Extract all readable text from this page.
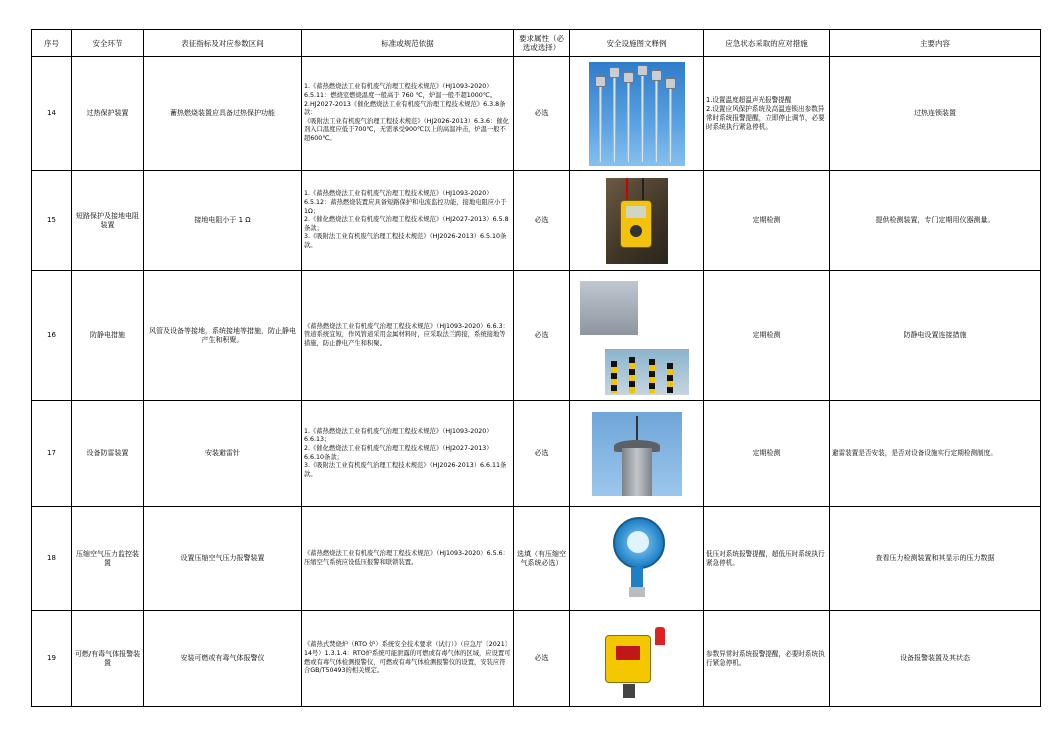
序号	安全环节	表征指标及对应参数区间	标准或规范依据	要求属性（必选或选择）	安全设施图文释例	应急状态采取的应对措施	主要内容
14	过热保护装置	蓄热燃烧装置应具备过热保护功能	1.《蓄热燃烧法工业有机废气治理工程技术规范》（HJ1093-2020）6.5.11：燃烧室燃烧温度一般高于 760 ℃，炉温一般不超1000℃。
2.HJ2027-2013《催化燃烧法工业有机废气治理工程技术规范》6.3.8条款：
《吸附法工业有机废气治理工程技术规范》（HJ2026-2013）6.3.6：催化剂入口温度应低于700℃，无需承受900℃以上的高温冲击，炉温一般不超600℃。	必选		1.设置温度超温声光报警提醒
2.设置应风保护系统及高温连锁出参数异常时系统报警提醒，立即停止调节，必要时系统执行紧急停机。	过热连锁装置
15	短路保护及接地电阻装置	接地电阻小于 1 Ω	1.《蓄热燃烧法工业有机废气治理工程技术规范》（HJ1093-2020）6.5.12：蓄热燃烧装置应具备短路保护和电流监控功能，接地电阻应小于1Ω；
2.《催化燃烧法工业有机废气治理工程技术规范》（HJ2027-2013）6.5.8条款；
3.《吸附法工业有机废气治理工程技术规范》（HJ2026-2013）6.5.10条款。	必选		定期检测	提供检测装置，专门定期用仪器测量。
16	防静电措施	风管及设备等接地，系统接地等措施，防止静电产生和积聚。	《蓄热燃烧法工业有机废气治理工程技术规范》（HJ1093-2020）6.6.3：管道系统宜短，作风管道采用金属材料时，应采取法兰跨接，系统接地等措施，防止静电产生和积聚。	必选		定期检测	防静电设置连接措施
17	设备防雷装置	安装避雷针	1.《蓄热燃烧法工业有机废气治理工程技术规范》（HJ1093-2020）6.6.13；
2.《催化燃烧法工业有机废气治理工程技术规范》（HJ2027-2013）6.6.10条款；
3.《吸附法工业有机废气治理工程技术规范》（HJ2026-2013）6.6.11条款。	必选		定期检测	避雷装置是否安装，是否对设备设施实行定期检测制度。
18	压缩空气压力监控装置	设置压缩空气压力报警装置	《蓄热燃烧法工业有机废气治理工程技术规范》（HJ1093-2020）6.5.6：压缩空气系统应设低压报警和联锁装置。	选填（有压缩空气系统必选）		低压对系统报警提醒，超低压时系统执行紧急停机。	查看压力检测装置和其显示的压力数据
19	可燃/有毒气体报警装置	安装可燃或有毒气体报警仪	《蓄热式焚烧炉（RTO 炉）系统安全技术要求（试行）》（应急厅〔2021〕14号）1.3.1.4：RTO炉系统可能泄露的可燃或有毒气体的区域，应设置可燃或有毒气体检测报警仪，可燃或有毒气体检测报警仪的设置，安装应符合GB/T50493的相关规定。	必选		参数异常时系统报警提醒，必要时系统执行紧急停机。	设备报警装置及其状态
